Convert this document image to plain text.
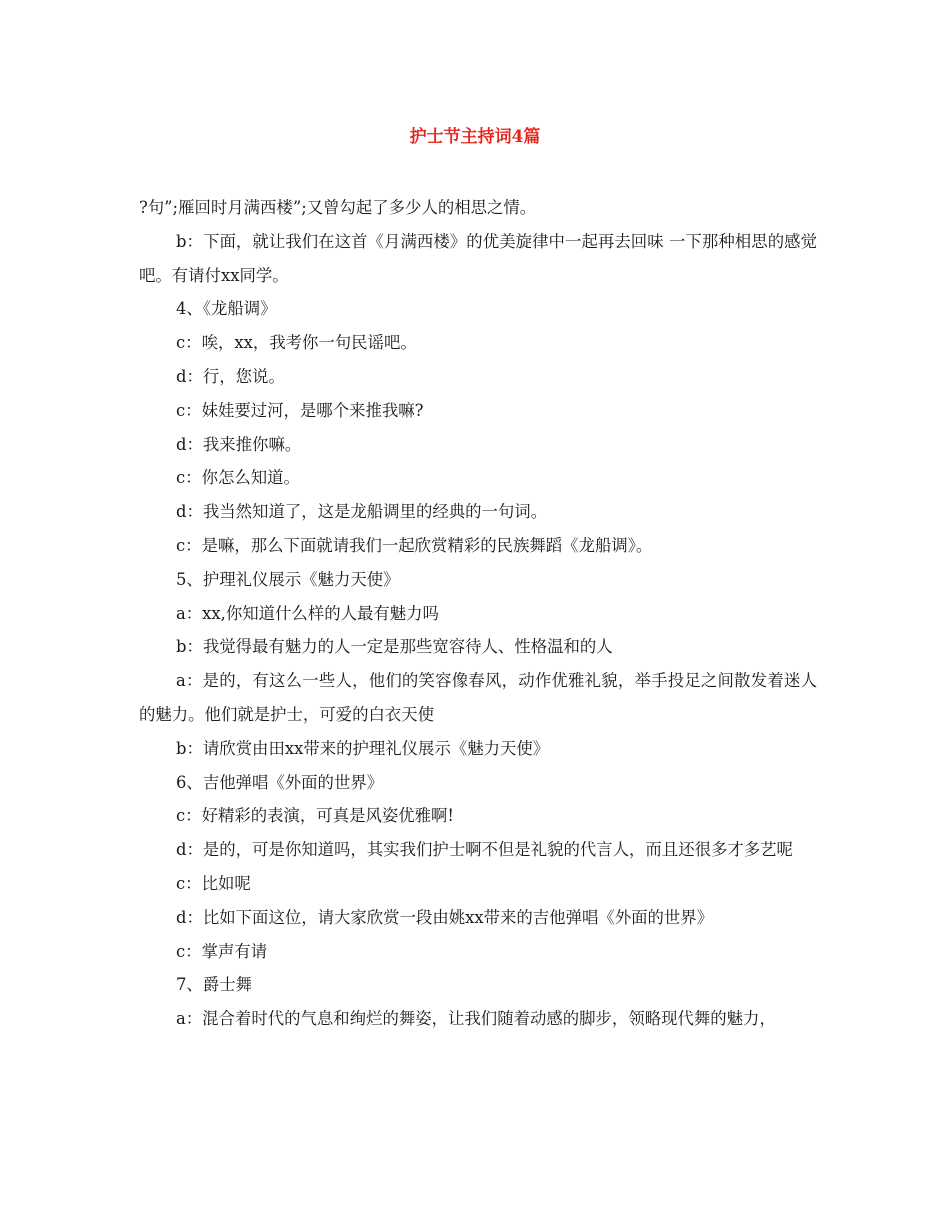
护士节主持词4篇

?句”;雁回时月满西楼”;又曾勾起了多少人的相思之情。

b：下面，就让我们在这首《月满西楼》的优美旋律中一起再去回味 一下那种相思的感觉吧。有请付xx同学。

4、《龙船调》

c：唉，xx，我考你一句民谣吧。

d：行，您说。

c：妹娃要过河，是哪个来推我嘛?

d：我来推你嘛。

c：你怎么知道。

d：我当然知道了，这是龙船调里的经典的一句词。

c：是嘛，那么下面就请我们一起欣赏精彩的民族舞蹈《龙船调》。

5、护理礼仪展示《魅力天使》

a：xx,你知道什么样的人最有魅力吗

b：我觉得最有魅力的人一定是那些宽容待人、性格温和的人

a：是的，有这么一些人，他们的笑容像春风，动作优雅礼貌，举手投足之间散发着迷人的魅力。他们就是护士，可爱的白衣天使

b：请欣赏由田xx带来的护理礼仪展示《魅力天使》

6、吉他弹唱《外面的世界》

c：好精彩的表演，可真是风姿优雅啊!

d：是的，可是你知道吗，其实我们护士啊不但是礼貌的代言人，而且还很多才多艺呢

c：比如呢

d：比如下面这位，请大家欣赏一段由姚xx带来的吉他弹唱《外面的世界》

c：掌声有请

7、爵士舞

a：混合着时代的气息和绚烂的舞姿，让我们随着动感的脚步，领略现代舞的魅力，
